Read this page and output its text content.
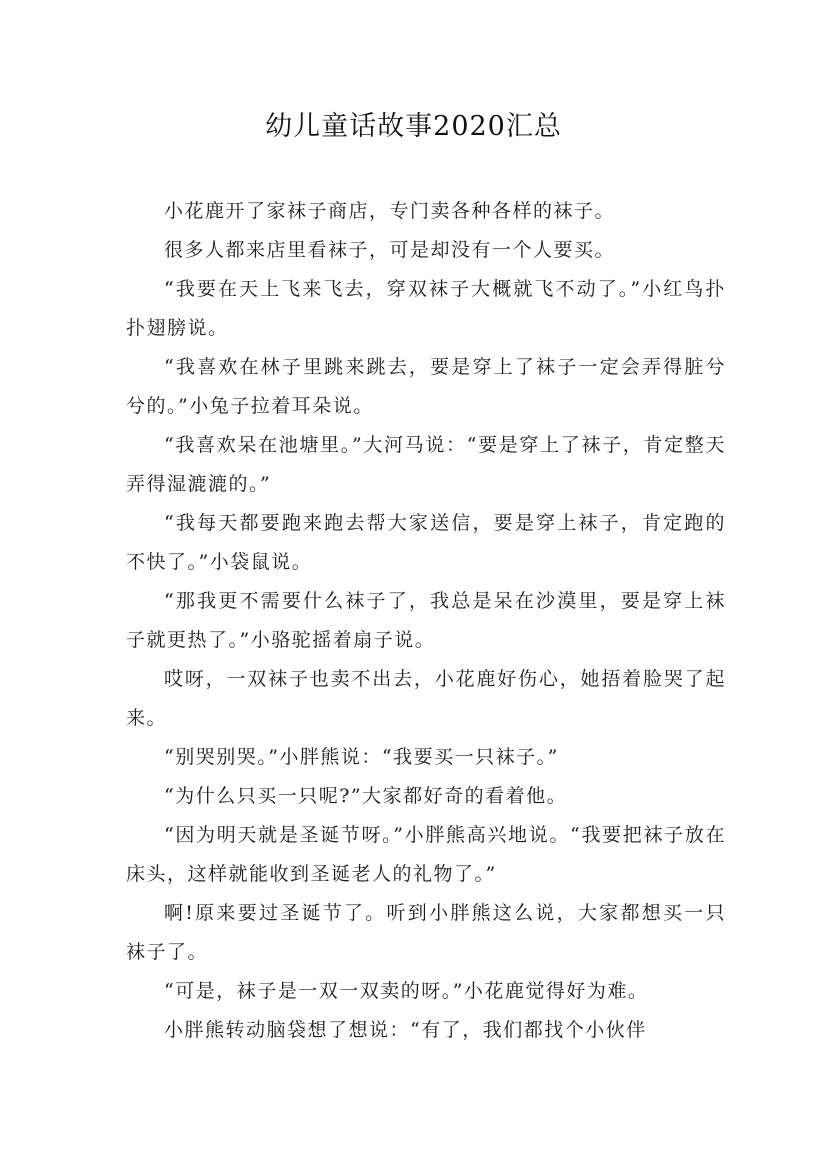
幼儿童话故事2020汇总

小花鹿开了家袜子商店，专门卖各种各样的袜子。

很多人都来店里看袜子，可是却没有一个人要买。

“我要在天上飞来飞去，穿双袜子大概就飞不动了。”小红鸟扑扑翅膀说。

“我喜欢在林子里跳来跳去，要是穿上了袜子一定会弄得脏兮兮的。”小兔子拉着耳朵说。

“我喜欢呆在池塘里。”大河马说：“要是穿上了袜子，肯定整天弄得湿漉漉的。”

“我每天都要跑来跑去帮大家送信，要是穿上袜子，肯定跑的不快了。”小袋鼠说。

“那我更不需要什么袜子了，我总是呆在沙漠里，要是穿上袜子就更热了。”小骆驼摇着扇子说。

哎呀，一双袜子也卖不出去，小花鹿好伤心，她捂着脸哭了起来。

“别哭别哭。”小胖熊说：“我要买一只袜子。”

“为什么只买一只呢?”大家都好奇的看着他。

“因为明天就是圣诞节呀。”小胖熊高兴地说。“我要把袜子放在床头，这样就能收到圣诞老人的礼物了。”

啊!原来要过圣诞节了。听到小胖熊这么说，大家都想买一只袜子了。

“可是，袜子是一双一双卖的呀。”小花鹿觉得好为难。

小胖熊转动脑袋想了想说：“有了，我们都找个小伙伴
